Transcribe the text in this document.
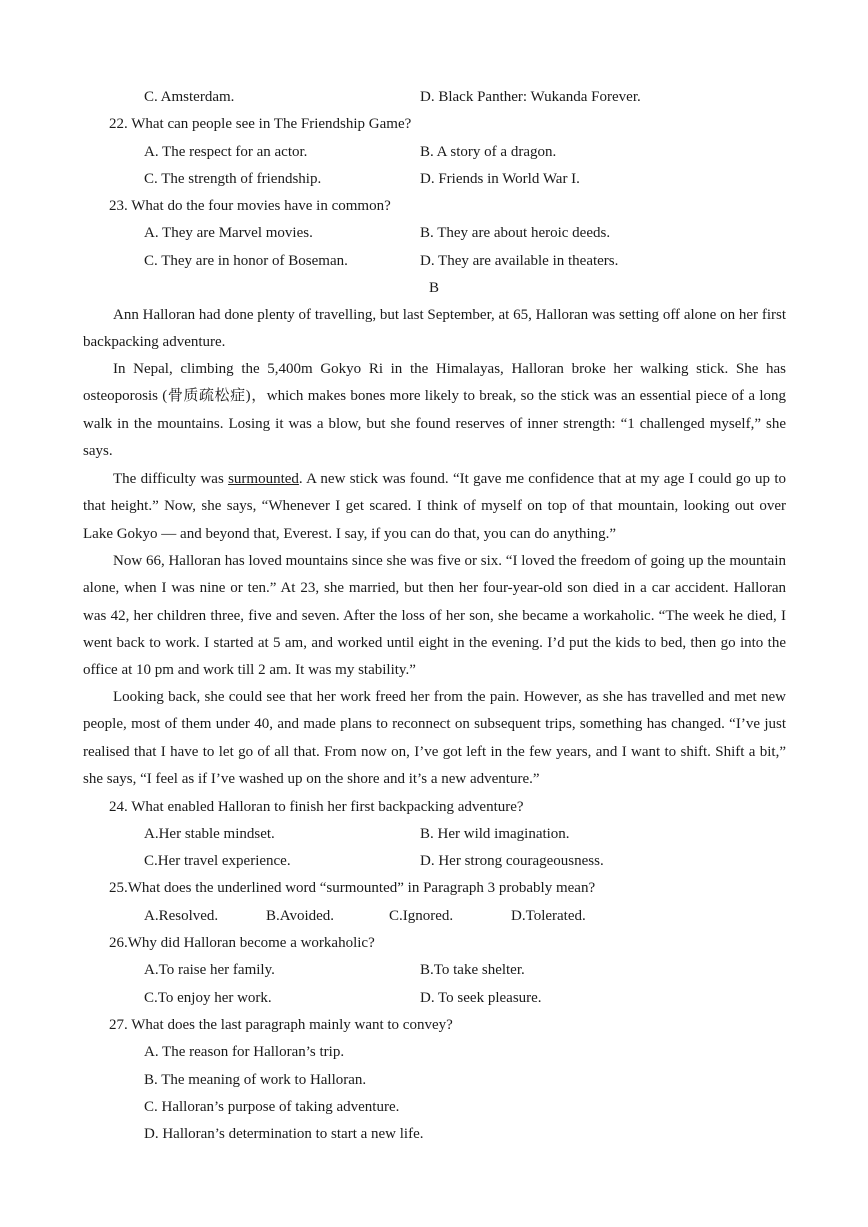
C. Amsterdam.	D. Black Panther: Wukanda Forever.
22. What can people see in The Friendship Game?
A. The respect for an actor.	B. A story of a dragon.
C. The strength of friendship.	D. Friends in World War I.
23. What do the four movies have in common?
A. They are Marvel movies.	B. They are about heroic deeds.
C. They are in honor of Boseman.	D. They are available in theaters.
B

Ann Halloran had done plenty of travelling, but last September, at 65, Halloran was setting off alone on her first backpacking adventure.

In Nepal, climbing the 5,400m Gokyo Ri in the Himalayas, Halloran broke her walking stick. She has osteoporosis (骨质疏松症)，which makes bones more likely to break, so the stick was an essential piece of a long walk in the mountains. Losing it was a blow, but she found reserves of inner strength: “1 challenged myself,” she says.

The difficulty was surmounted. A new stick was found. “It gave me confidence that at my age I could go up to that height.” Now, she says, “Whenever I get scared. I think of myself on top of that mountain, looking out over Lake Gokyo — and beyond that, Everest. I say, if you can do that, you can do anything.”

Now 66, Halloran has loved mountains since she was five or six. “I loved the freedom of going up the mountain alone, when I was nine or ten.” At 23, she married, but then her four-year-old son died in a car accident. Halloran was 42, her children three, five and seven. After the loss of her son, she became a workaholic. “The week he died, I went back to work. I started at 5 am, and worked until eight in the evening. I’d put the kids to bed, then go into the office at 10 pm and work till 2 am. It was my stability.”

Looking back, she could see that her work freed her from the pain. However, as she has travelled and met new people, most of them under 40, and made plans to reconnect on subsequent trips, something has changed. “I’ve just realised that I have to let go of all that. From now on, I’ve got left in the few years, and I want to shift. Shift a bit,” she says, “I feel as if I’ve washed up on the shore and it’s a new adventure.”

24. What enabled Halloran to finish her first backpacking adventure?
A.Her stable mindset.	B. Her wild imagination.
C.Her travel experience.	D. Her strong courageousness.
25.What does the underlined word “surmounted” in Paragraph 3 probably mean?
A.Resolved.	B.Avoided.	C.Ignored.	D.Tolerated.
26.Why did Halloran become a workaholic?
A.To raise her family.	B.To take shelter.
C.To enjoy her work.	D. To seek pleasure.
27. What does the last paragraph mainly want to convey?
A. The reason for Halloran’s trip.
B. The meaning of work to Halloran.
C. Halloran’s purpose of taking adventure.
D. Halloran’s determination to start a new life.
